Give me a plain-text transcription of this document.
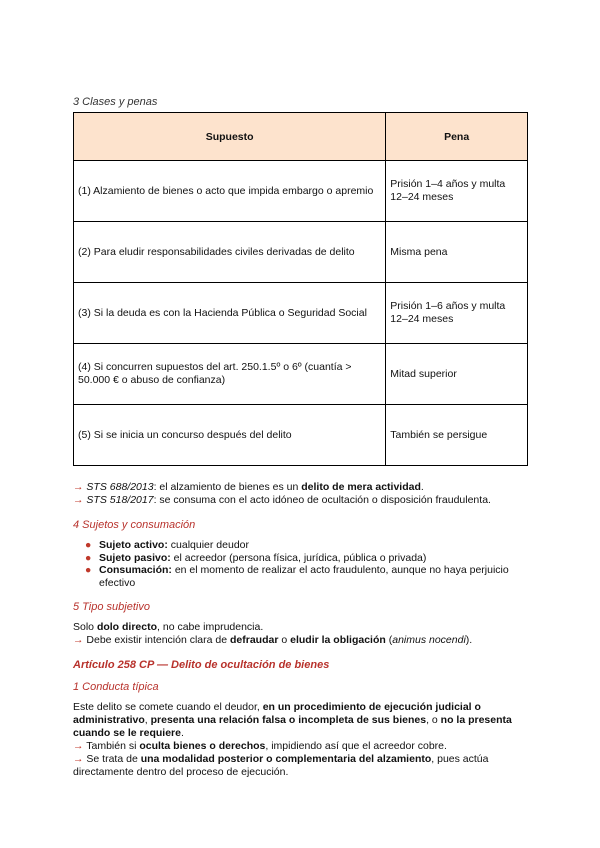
3 Clases y penas

Supuesto	Pena
(1) Alzamiento de bienes o acto que impida embargo o apremio	Prisión 1–4 años y multa 12–24 meses
(2) Para eludir responsabilidades civiles derivadas de delito	Misma pena
(3) Si la deuda es con la Hacienda Pública o Seguridad Social	Prisión 1–6 años y multa 12–24 meses
(4) Si concurren supuestos del art. 250.1.5º o 6º (cuantía > 50.000 € o abuso de confianza)	Mitad superior
(5) Si se inicia un concurso después del delito	También se persigue

→ STS 688/2013: el alzamiento de bienes es un delito de mera actividad.

→ STS 518/2017: se consuma con el acto idóneo de ocultación o disposición fraudulenta.

4 Sujetos y consumación

● Sujeto activo: cualquier deudor
● Sujeto pasivo: el acreedor (persona física, jurídica, pública o privada)
● Consumación: en el momento de realizar el acto fraudulento, aunque no haya perjuicio efectivo

5 Tipo subjetivo

Solo dolo directo, no cabe imprudencia.

→ Debe existir intención clara de defraudar o eludir la obligación (animus nocendi).

Artículo 258 CP — Delito de ocultación de bienes

1 Conducta típica

Este delito se comete cuando el deudor, en un procedimiento de ejecución judicial o administrativo, presenta una relación falsa o incompleta de sus bienes, o no la presenta cuando se le requiere.

→ También si oculta bienes o derechos, impidiendo así que el acreedor cobre.

→ Se trata de una modalidad posterior o complementaria del alzamiento, pues actúa directamente dentro del proceso de ejecución.
